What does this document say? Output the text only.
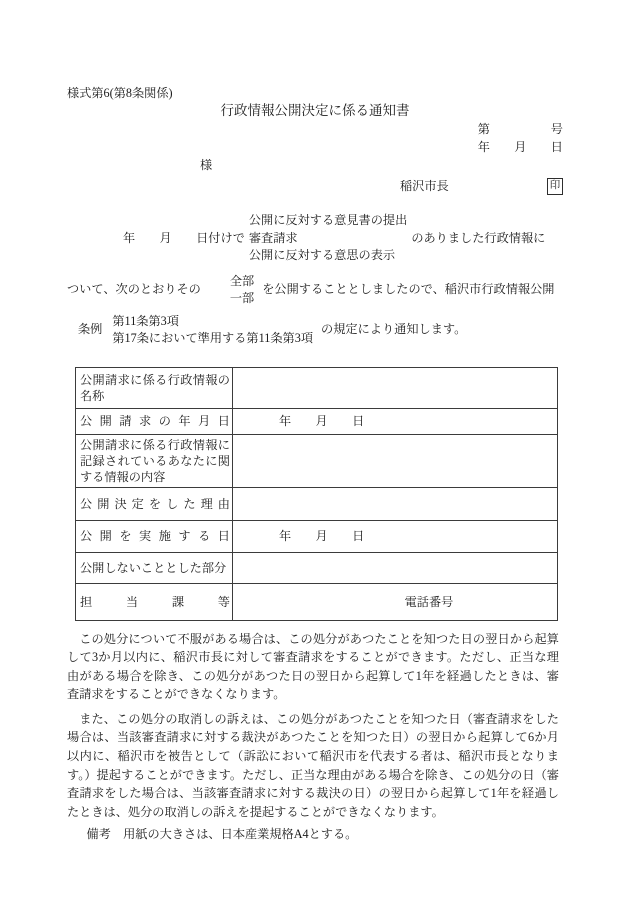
様式第6(第8条関係)
行政情報公開決定に係る通知書
第　　　　　号
年　　月　　日
様
稲沢市長	印
年　　月　　日付けで
公開に反対する意見書の提出
審査請求
公開に反対する意思の表示
のありました行政情報に
ついて、次のとおりその
全部
一部
を公開することとしましたので、稲沢市行政情報公開
条例
第11条第3項
第17条において準用する第11条第3項
の規定により通知します。
公開請求に係る行政情報の名称	
公開請求の年月日	年　　月　　日
公開請求に係る行政情報に記録されているあなたに関する情報の内容	
公開決定をした理由	
公開を実施する日	年　　月　　日
公開しないこととした部分	
担当課等	電話番号

この処分について不服がある場合は、この処分があつたことを知つた日の翌日から起算して3か月以内に、稲沢市長に対して審査請求をすることができます。ただし、正当な理由がある場合を除き、この処分があつた日の翌日から起算して1年を経過したときは、審査請求をすることができなくなります。

また、この処分の取消しの訴えは、この処分があつたことを知つた日（審査請求をした場合は、当該審査請求に対する裁決があつたことを知つた日）の翌日から起算して6か月以内に、稲沢市を被告として（訴訟において稲沢市を代表する者は、稲沢市長となります。）提起することができます。ただし、正当な理由がある場合を除き、この処分の日（審査請求をした場合は、当該審査請求に対する裁決の日）の翌日から起算して1年を経過したときは、処分の取消しの訴えを提起することができなくなります。

備考　用紙の大きさは、日本産業規格A4とする。
